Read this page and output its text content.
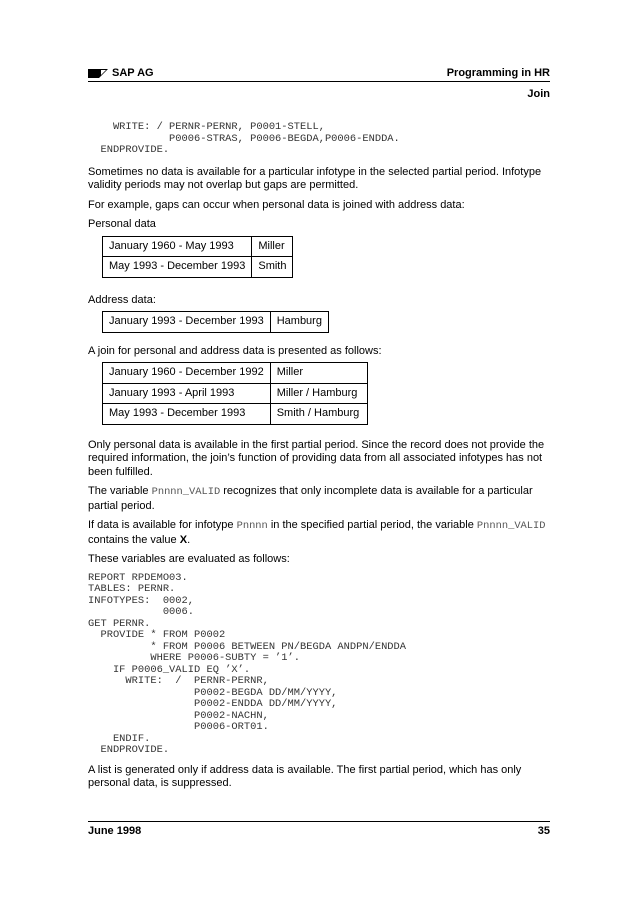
SAP AG	Programming in HR
Join
WRITE: / PERNR-PERNR, P0001-STELL,
P0006-STRAS, P0006-BEGDA,P0006-ENDDA.
ENDPROVIDE.

Sometimes no data is available for a particular infotype in the selected partial period. Infotype validity periods may not overlap but gaps are permitted.

For example, gaps can occur when personal data is joined with address data:

Personal data

January 1960 - May 1993	Miller
May 1993 - December 1993	Smith

Address data:

January 1993 - December 1993	Hamburg

A join for personal and address data is presented as follows:

January 1960 - December 1992	Miller
January 1993 - April 1993	Miller / Hamburg
May 1993 - December 1993	Smith / Hamburg

Only personal data is available in the first partial period. Since the record does not provide the required information, the join’s function of providing data from all associated infotypes has not been fulfilled.

The variable Pnnnn_VALID recognizes that only incomplete data is available for a particular partial period.

If data is available for infotype Pnnnn in the specified partial period, the variable Pnnnn_VALID contains the value X.

These variables are evaluated as follows:

REPORT RPDEMO03.
TABLES: PERNR.
INFOTYPES:  0002,
0006.
GET PERNR.
PROVIDE * FROM P0002
* FROM P0006 BETWEEN PN/BEGDA ANDPN/ENDDA
WHERE P0006-SUBTY = ’1’.
IF P0006_VALID EQ ’X’.
WRITE:  /  PERNR-PERNR,
P0002-BEGDA DD/MM/YYYY,
P0002-ENDDA DD/MM/YYYY,
P0002-NACHN,
P0006-ORT01.
ENDIF.
ENDPROVIDE.

A list is generated only if address data is available. The first partial period, which has only personal data, is suppressed.

June 1998	35
